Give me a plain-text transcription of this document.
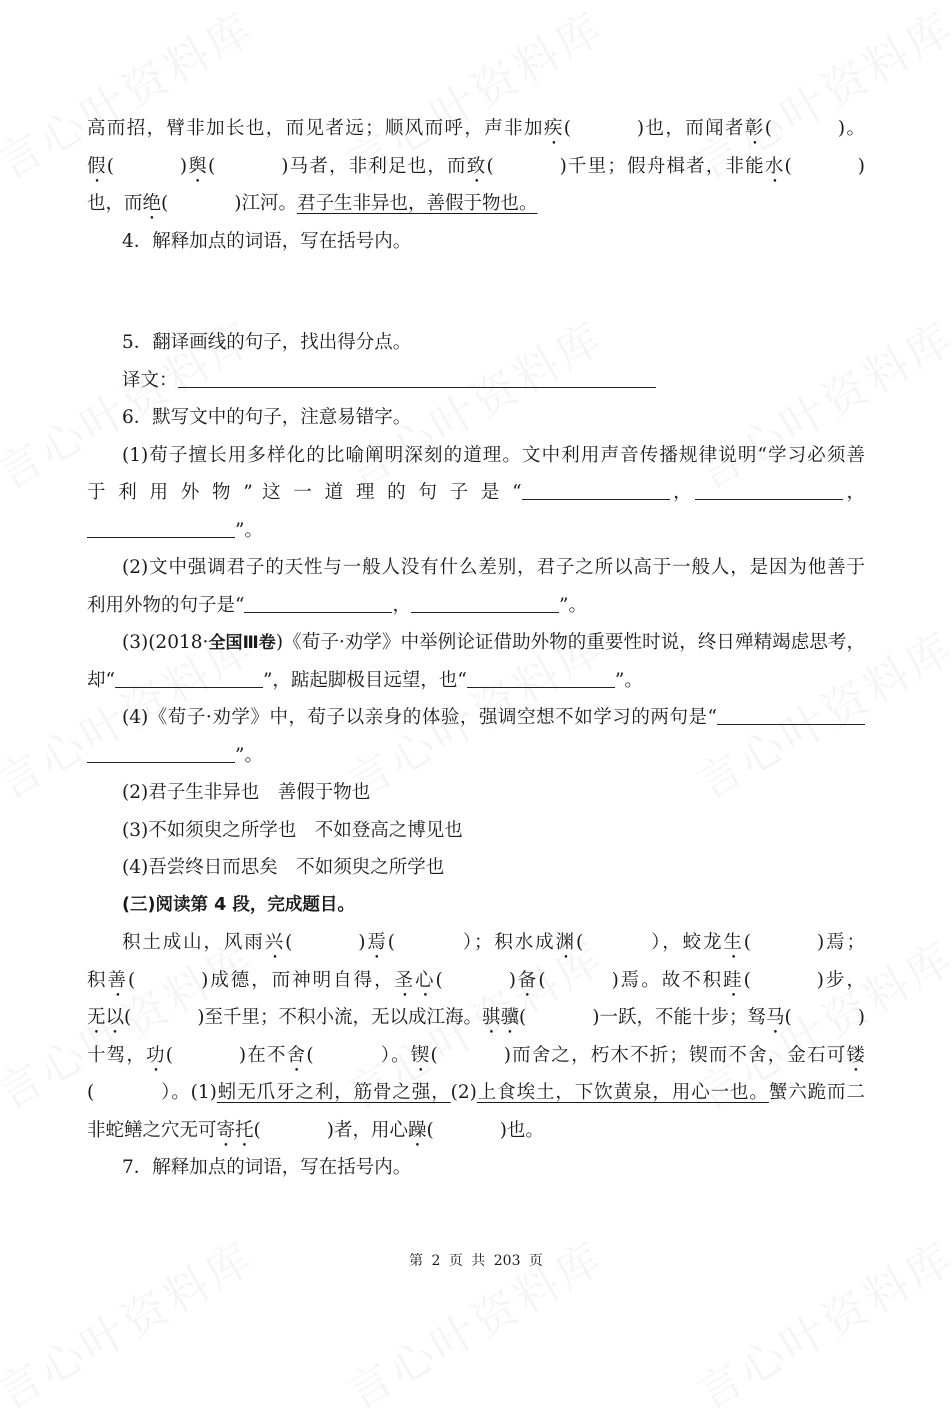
高而招，臂非加长也，而见者远；顺风而呼，声非加疾(	)也，而闻者彰(	)。
假(	)舆(	)马者，非利足也，而致(	)千里；假舟楫者，非能水(	)
也，而绝(	)江河。君子生非异也，善假于物也。
4．解释加点的词语，写在括号内。
5．翻译画线的句子，找出得分点。
译文：
6．默写文中的句子，注意易错字。
(1)荀子擅长用多样化的比喻阐明深刻的道理。文中利用声音传播规律说明“学习必须善
于 利 用 外 物 ” 这 一 道 理 的 句 子 是 “	，	，
”。
(2)文中强调君子的天性与一般人没有什么差别，君子之所以高于一般人，是因为他善于
利用外物的句子是“	，	”。
(3)(2018·全国Ⅲ卷)《荀子·劝学》中举例论证借助外物的重要性时说，终日殚精竭虑思考，
却“	”，踮起脚极目远望，也“	”。
(4)《荀子·劝学》中，荀子以亲身的体验，强调空想不如学习的两句是“
”。
(2)君子生非异也　善假于物也
(3)不如须臾之所学也　不如登高之博见也
(4)吾尝终日而思矣　不如须臾之所学也
(三)阅读第 4 段，完成题目。
积土成山，风雨兴(	)焉(	）；积水成渊(	），蛟龙生(	)焉；
积善(	)成德，而神明自得，圣心(	)备(	)焉。故不积跬(	)步，
无以(	)至千里；不积小流，无以成江海。骐骥(	)一跃，不能十步；驽马(	)
十驾，功(	)在不舍(	）。锲(	)而舍之，朽木不折；锲而不舍，金石可镂
(	）。(1)蚓无爪牙之利，筋骨之强，(2)上食埃土，下饮黄泉，用心一也。蟹六跪而二
非蛇鳝之穴无可寄托(	)者，用心躁(	)也。
7．解释加点的词语，写在括号内。
第 2 页 共 203 页
